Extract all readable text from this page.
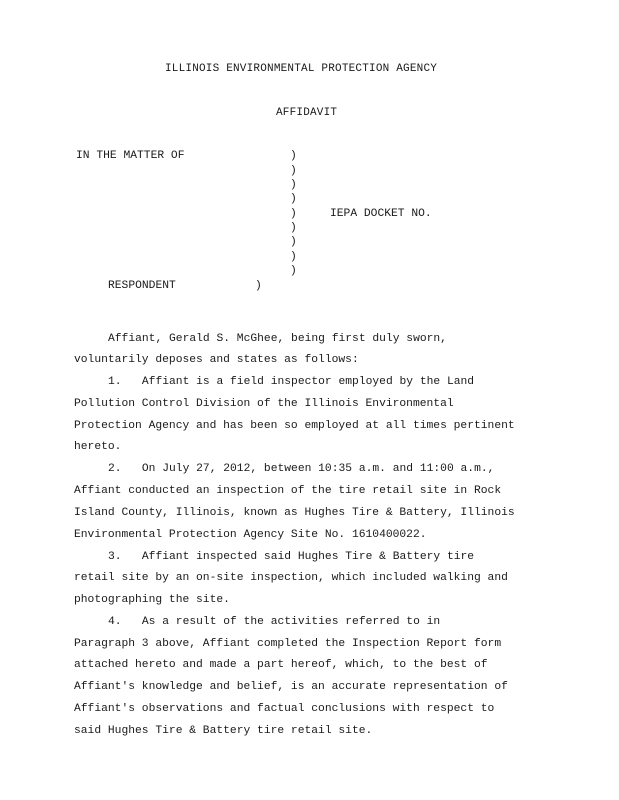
ILLINOIS ENVIRONMENTAL PROTECTION AGENCY
AFFIDAVIT
IN THE MATTER OF	)
)
)
)
)
)
)
)
)
IEPA DOCKET NO.
RESPONDENT	)
Affiant, Gerald S. McGhee, being first duly sworn,
voluntarily deposes and states as follows:
1.   Affiant is a field inspector employed by the Land
Pollution Control Division of the Illinois Environmental
Protection Agency and has been so employed at all times pertinent
hereto.
2.   On July 27, 2012, between 10:35 a.m. and 11:00 a.m.,
Affiant conducted an inspection of the tire retail site in Rock
Island County, Illinois, known as Hughes Tire & Battery, Illinois
Environmental Protection Agency Site No. 1610400022.
3.   Affiant inspected said Hughes Tire & Battery tire
retail site by an on-site inspection, which included walking and
photographing the site.
4.   As a result of the activities referred to in
Paragraph 3 above, Affiant completed the Inspection Report form
attached hereto and made a part hereof, which, to the best of
Affiant's knowledge and belief, is an accurate representation of
Affiant's observations and factual conclusions with respect to
said Hughes Tire & Battery tire retail site.
